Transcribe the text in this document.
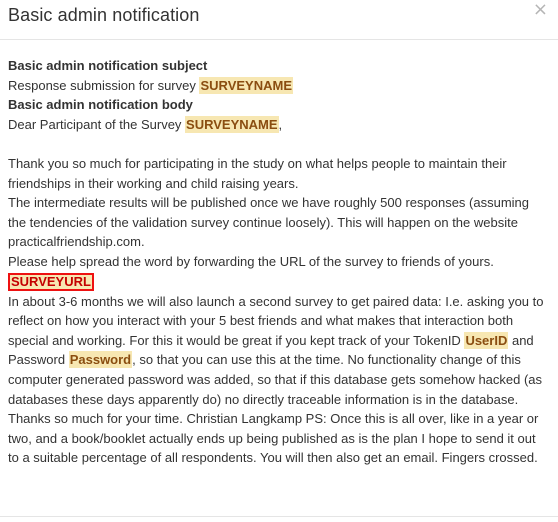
Basic admin notification	×

Basic admin notification subject

Response submission for survey SURVEYNAME

Basic admin notification body

Dear Participant of the Survey SURVEYNAME,

Thank you so much for participating in the study on what helps people to maintain their friendships in their working and child raising years.

The intermediate results will be published once we have roughly 500 responses (assuming the tendencies of the validation survey continue loosely). This will happen on the website practicalfriendship.com.

Please help spread the word by forwarding the URL of the survey to friends of yours.

SURVEYURL

In about 3-6 months we will also launch a second survey to get paired data: I.e. asking you to reflect on how you interact with your 5 best friends and what makes that interaction both special and working. For this it would be great if you kept track of your TokenID UserID and Password Password, so that you can use this at the time. No functionality change of this computer generated password was added, so that if this database gets somehow hacked (as databases these days apparently do) no directly traceable information is in the database. Thanks so much for your time. Christian Langkamp PS: Once this is all over, like in a year or two, and a book/booklet actually ends up being published as is the plan I hope to send it out to a suitable percentage of all respondents. You will then also get an email. Fingers crossed.
